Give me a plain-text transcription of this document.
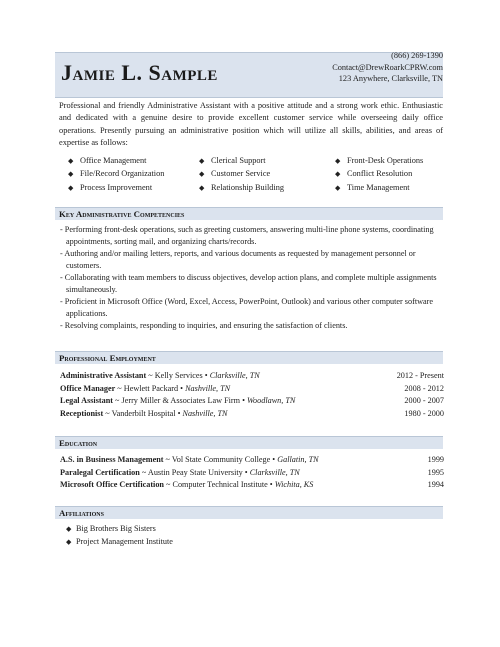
Jamie L. Sample
(866) 269-1390
Contact@DrewRoarkCPRW.com
123 Anywhere, Clarksville, TN

Professional and friendly Administrative Assistant with a positive attitude and a strong work ethic. Enthusiastic and dedicated with a genuine desire to provide excellent customer service while overseeing daily office operations. Presently pursuing an administrative position which will utilize all skills, abilities, and areas of expertise as follows:

◆ Office Management
◆ File/Record Organization
◆ Process Improvement
◆ Clerical Support
◆ Customer Service
◆ Relationship Building
◆ Front-Desk Operations
◆ Conflict Resolution
◆ Time Management
Key Administrative Competencies

- Performing front-desk operations, such as greeting customers, answering multi-line phone systems, coordinating appointments, sorting mail, and organizing charts/records.

- Authoring and/or mailing letters, reports, and various documents as requested by management personnel or customers.

- Collaborating with team members to discuss objectives, develop action plans, and complete multiple assignments simultaneously.

- Proficient in Microsoft Office (Word, Excel, Access, PowerPoint, Outlook) and various other computer software applications.

- Resolving complaints, responding to inquiries, and ensuring the satisfaction of clients.

Professional Employment
Administrative Assistant ~ Kelly Services • Clarksville, TN	2012 - Present
Office Manager ~ Hewlett Packard • Nashville, TN	2008 - 2012
Legal Assistant ~ Jerry Miller & Associates Law Firm • Woodlawn, TN	2000 - 2007
Receptionist ~ Vanderbilt Hospital • Nashville, TN	1980 - 2000
Education
A.S. in Business Management ~ Vol State Community College • Gallatin, TN	1999
Paralegal Certification ~ Austin Peay State University • Clarksville, TN	1995
Microsoft Office Certification ~ Computer Technical Institute • Wichita, KS	1994
Affiliations
◆ Big Brothers Big Sisters
◆ Project Management Institute
